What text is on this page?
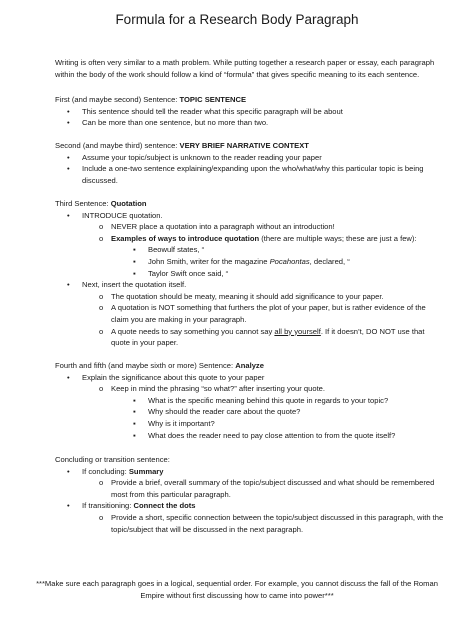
Formula for a Research Body Paragraph
Writing is often very similar to a math problem. While putting together a research paper or essay, each paragraph within the body of the work should follow a kind of “formula” that gives specific meaning to its each sentence.
First (and maybe second) Sentence: TOPIC SENTENCE
• This sentence should tell the reader what this specific paragraph will be about
• Can be more than one sentence, but no more than two.
Second (and maybe third) sentence: VERY BRIEF NARRATIVE CONTEXT
• Assume your topic/subject is unknown to the reader reading your paper
• Include a one-two sentence explaining/expanding upon the who/what/why this particular topic is being discussed.
Third Sentence: Quotation
• INTRODUCE quotation.
o NEVER place a quotation into a paragraph without an introduction!
o Examples of ways to introduce quotation (there are multiple ways; these are just a few):
▪ Beowulf states, “
▪ John Smith, writer for the magazine Pocahontas, declared, “
▪ Taylor Swift once said, “
• Next, insert the quotation itself.
o The quotation should be meaty, meaning it should add significance to your paper.
o A quotation is NOT something that furthers the plot of your paper, but is rather evidence of the claim you are making in your paragraph.
o A quote needs to say something you cannot say all by yourself. If it doesn’t, DO NOT use that quote in your paper.
Fourth and fifth (and maybe sixth or more) Sentence: Analyze
• Explain the significance about this quote to your paper
o Keep in mind the phrasing “so what?” after inserting your quote.
▪ What is the specific meaning behind this quote in regards to your topic?
▪ Why should the reader care about the quote?
▪ Why is it important?
▪ What does the reader need to pay close attention to from the quote itself?
Concluding or transition sentence:
• If concluding: Summary
o Provide a brief, overall summary of the topic/subject discussed and what should be remembered most from this particular paragraph.
• If transitioning: Connect the dots
o Provide a short, specific connection between the topic/subject discussed in this paragraph, with the topic/subject that will be discussed in the next paragraph.
***Make sure each paragraph goes in a logical, sequential order. For example, you cannot discuss the fall of the Roman Empire without first discussing how to came into power***
